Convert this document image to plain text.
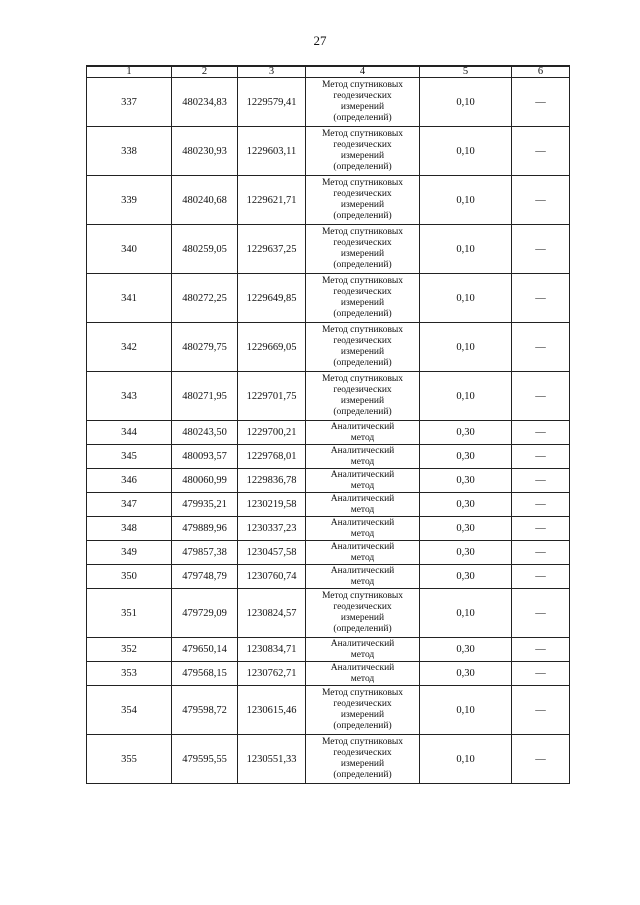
27
1	2	3	4	5	6
337	480234,83	1229579,41	Метод спутниковых
геодезических
измерений
(определений)	0,10	—
338	480230,93	1229603,11	Метод спутниковых
геодезических
измерений
(определений)	0,10	—
339	480240,68	1229621,71	Метод спутниковых
геодезических
измерений
(определений)	0,10	—
340	480259,05	1229637,25	Метод спутниковых
геодезических
измерений
(определений)	0,10	—
341	480272,25	1229649,85	Метод спутниковых
геодезических
измерений
(определений)	0,10	—
342	480279,75	1229669,05	Метод спутниковых
геодезических
измерений
(определений)	0,10	—
343	480271,95	1229701,75	Метод спутниковых
геодезических
измерений
(определений)	0,10	—
344	480243,50	1229700,21	Аналитический
метод	0,30	—
345	480093,57	1229768,01	Аналитический
метод	0,30	—
346	480060,99	1229836,78	Аналитический
метод	0,30	—
347	479935,21	1230219,58	Аналитический
метод	0,30	—
348	479889,96	1230337,23	Аналитический
метод	0,30	—
349	479857,38	1230457,58	Аналитический
метод	0,30	—
350	479748,79	1230760,74	Аналитический
метод	0,30	—
351	479729,09	1230824,57	Метод спутниковых
геодезических
измерений
(определений)	0,10	—
352	479650,14	1230834,71	Аналитический
метод	0,30	—
353	479568,15	1230762,71	Аналитический
метод	0,30	—
354	479598,72	1230615,46	Метод спутниковых
геодезических
измерений
(определений)	0,10	—
355	479595,55	1230551,33	Метод спутниковых
геодезических
измерений
(определений)	0,10	—
